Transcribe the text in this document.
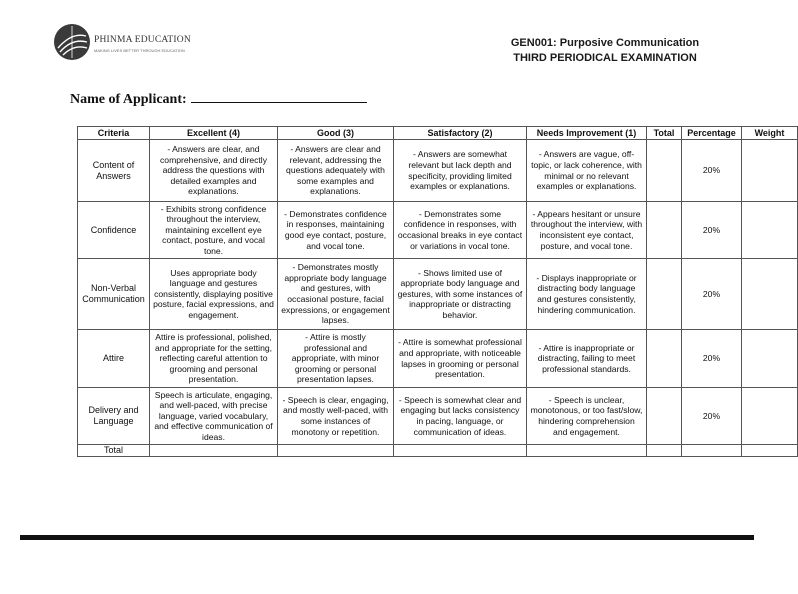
PHINMA EDUCATION
MAKING LIVES BETTER THROUGH EDUCATION
GEN001: Purposive Communication
THIRD PERIODICAL EXAMINATION
Name of Applicant:
Criteria	Excellent (4)	Good (3)	Satisfactory (2)	Needs Improvement (1)	Total	Percentage	Weight
Content of Answers	- Answers are clear, and comprehensive, and directly address the questions with detailed examples and explanations.	- Answers are clear and relevant, addressing the questions adequately with some examples and explanations.	- Answers are somewhat relevant but lack depth and specificity, providing limited examples or explanations.	- Answers are vague, off-topic, or lack coherence, with minimal or no relevant examples or explanations.		20%	
Confidence	- Exhibits strong confidence throughout the interview, maintaining excellent eye contact, posture, and vocal tone.	- Demonstrates confidence in responses, maintaining good eye contact, posture, and vocal tone.	- Demonstrates some confidence in responses, with occasional breaks in eye contact or variations in vocal tone.	- Appears hesitant or unsure throughout the interview, with inconsistent eye contact, posture, and vocal tone.		20%	
Non-Verbal Communication	Uses appropriate body language and gestures consistently, displaying positive posture, facial expressions, and engagement.	- Demonstrates mostly appropriate body language and gestures, with occasional posture, facial expressions, or engagement lapses.	- Shows limited use of appropriate body language and gestures, with some instances of inappropriate or distracting behavior.	- Displays inappropriate or distracting body language and gestures consistently, hindering communication.		20%	
Attire	Attire is professional, polished, and appropriate for the setting, reflecting careful attention to grooming and personal presentation.	- Attire is mostly professional and appropriate, with minor grooming or personal presentation lapses.	- Attire is somewhat professional and appropriate, with noticeable lapses in grooming or personal presentation.	- Attire is inappropriate or distracting, failing to meet professional standards.		20%	
Delivery and Language	Speech is articulate, engaging, and well-paced, with precise language, varied vocabulary, and effective communication of ideas.	- Speech is clear, engaging, and mostly well-paced, with some instances of monotony or repetition.	- Speech is somewhat clear and engaging but lacks consistency in pacing, language, or communication of ideas.	- Speech is unclear, monotonous, or too fast/slow, hindering comprehension and engagement.		20%	
Total							
